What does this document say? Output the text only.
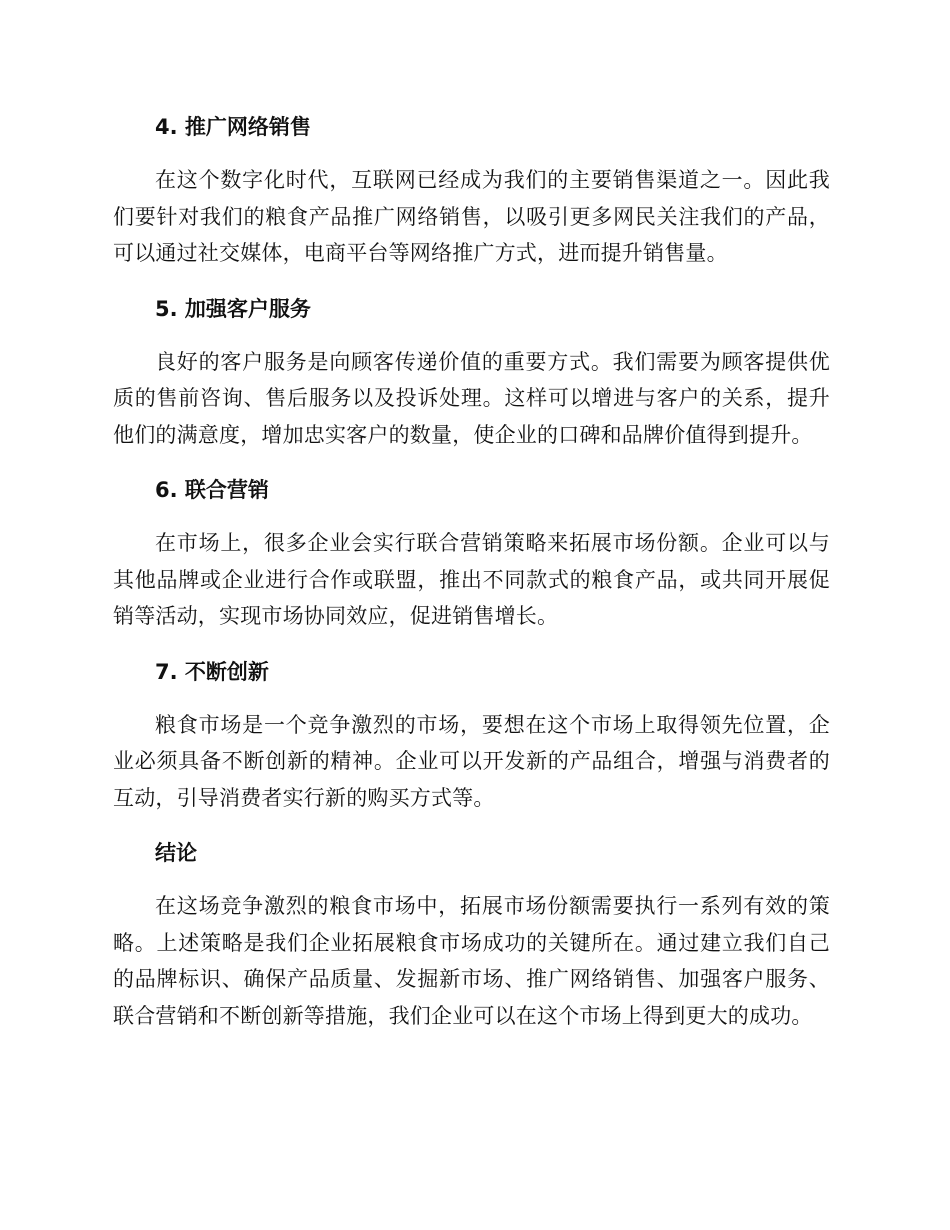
4. 推广网络销售

在这个数字化时代，互联网已经成为我们的主要销售渠道之一。因此我们要针对我们的粮食产品推广网络销售，以吸引更多网民关注我们的产品，可以通过社交媒体，电商平台等网络推广方式，进而提升销售量。

5. 加强客户服务

良好的客户服务是向顾客传递价值的重要方式。我们需要为顾客提供优质的售前咨询、售后服务以及投诉处理。这样可以增进与客户的关系，提升他们的满意度，增加忠实客户的数量，使企业的口碑和品牌价值得到提升。

6. 联合营销

在市场上，很多企业会实行联合营销策略来拓展市场份额。企业可以与其他品牌或企业进行合作或联盟，推出不同款式的粮食产品，或共同开展促销等活动，实现市场协同效应，促进销售增长。

7. 不断创新

粮食市场是一个竞争激烈的市场，要想在这个市场上取得领先位置，企业必须具备不断创新的精神。企业可以开发新的产品组合，增强与消费者的互动，引导消费者实行新的购买方式等。

结论

在这场竞争激烈的粮食市场中，拓展市场份额需要执行一系列有效的策略。上述策略是我们企业拓展粮食市场成功的关键所在。通过建立我们自己的品牌标识、确保产品质量、发掘新市场、推广网络销售、加强客户服务、联合营销和不断创新等措施，我们企业可以在这个市场上得到更大的成功。
